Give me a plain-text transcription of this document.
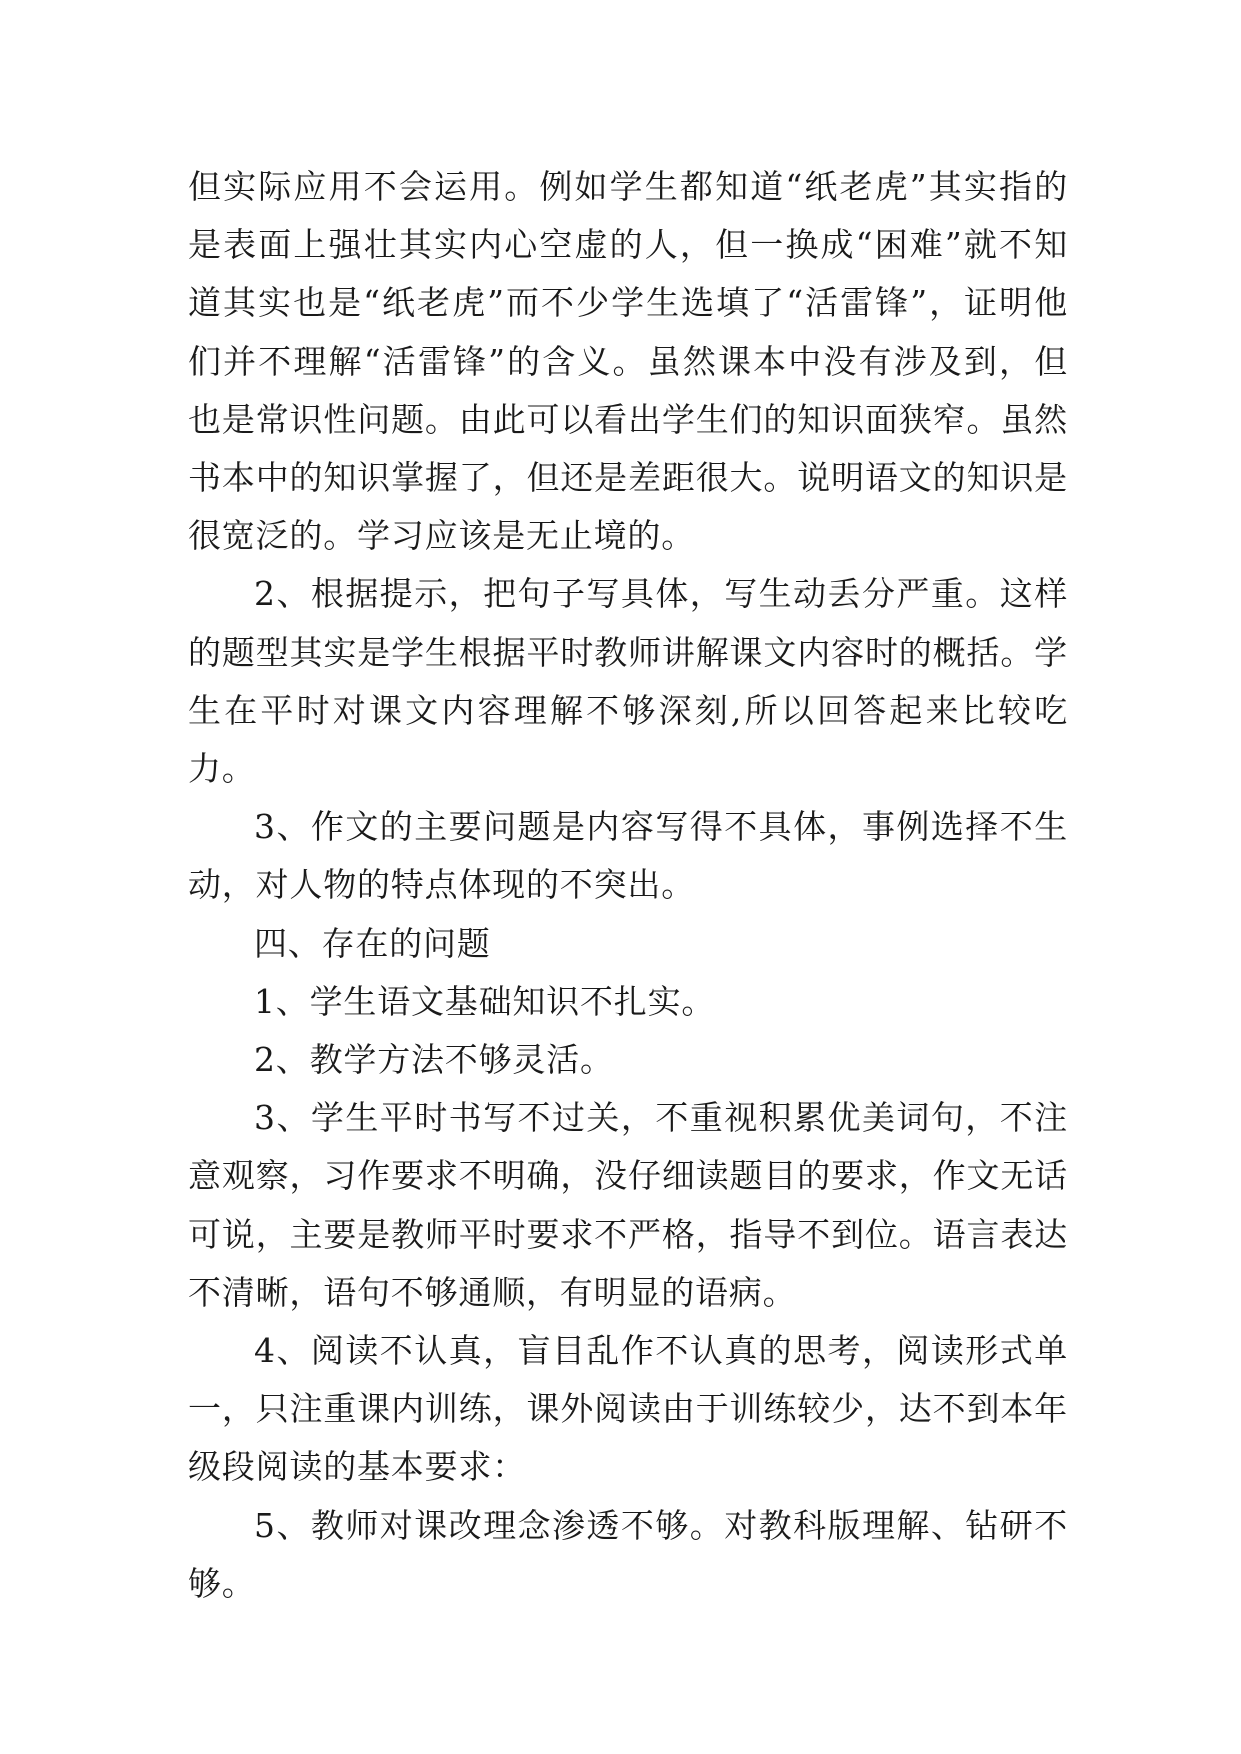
但实际应用不会运用。例如学生都知道“纸老虎”其实指的是表面上强壮其实内心空虚的人，但一换成“困难”就不知道其实也是“纸老虎”而不少学生选填了“活雷锋”，证明他们并不理解“活雷锋”的含义。虽然课本中没有涉及到，但也是常识性问题。由此可以看出学生们的知识面狭窄。虽然书本中的知识掌握了，但还是差距很大。说明语文的知识是很宽泛的。学习应该是无止境的。

2、根据提示，把句子写具体，写生动丢分严重。这样的题型其实是学生根据平时教师讲解课文内容时的概括。学生在平时对课文内容理解不够深刻,所以回答起来比较吃力。

3、作文的主要问题是内容写得不具体，事例选择不生动，对人物的特点体现的不突出。

四、存在的问题

1、学生语文基础知识不扎实。

2、教学方法不够灵活。

3、学生平时书写不过关，不重视积累优美词句，不注意观察，习作要求不明确，没仔细读题目的要求，作文无话可说，主要是教师平时要求不严格，指导不到位。语言表达不清晰，语句不够通顺，有明显的语病。

4、阅读不认真，盲目乱作不认真的思考，阅读形式单一，只注重课内训练，课外阅读由于训练较少，达不到本年级段阅读的基本要求：

5、教师对课改理念渗透不够。对教科版理解、钻研不够。
